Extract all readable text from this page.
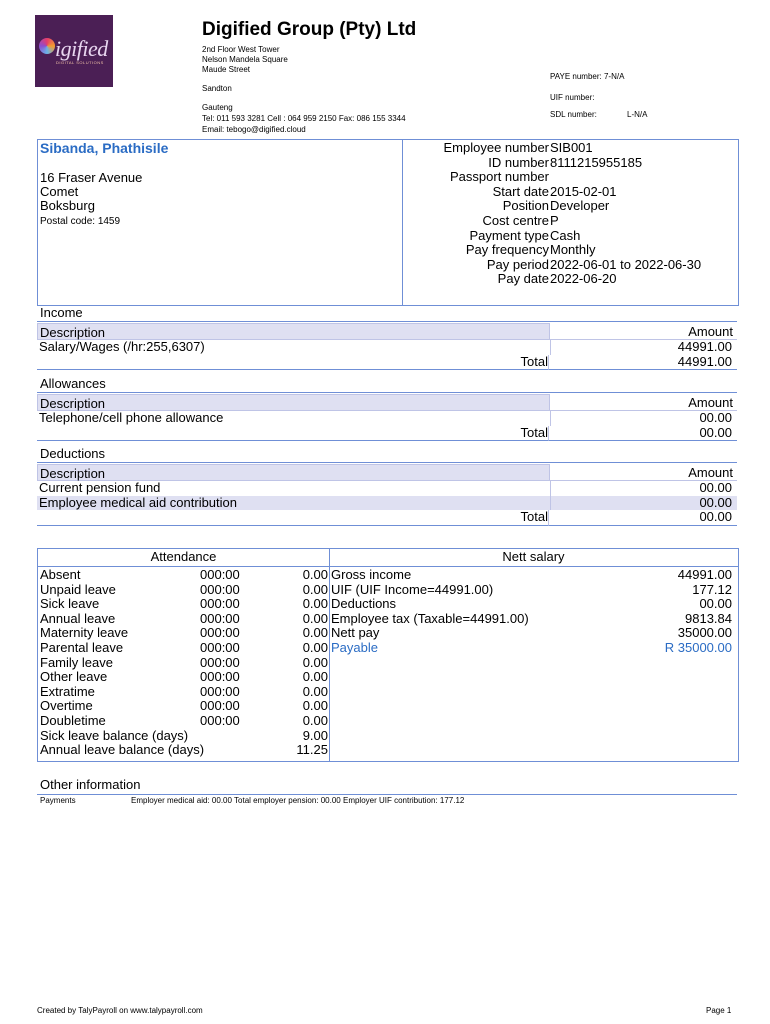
igified
DIGITAL SOLUTIONS
Digified Group (Pty) Ltd
2nd Floor West Tower
Nelson Mandela Square
Maude Street
Sandton
Gauteng
Tel: 011 593 3281 Cell : 064 959 2150 Fax: 086 155 3344
Email: tebogo@digified.cloud
PAYE number: 7-N/A
UIF number:
SDL number:	L-N/A
Sibanda, Phathisile
16 Fraser Avenue
Comet
Boksburg
Postal code: 1459
Employee number SIB001
ID number 8111215955185
Passport number
Start date 2015-02-01
Position Developer
Cost centre P
Payment type Cash
Pay frequency Monthly
Pay period 2022-06-01 to 2022-06-30
Pay date 2022-06-20
Income
Description	Amount
Salary/Wages (/hr:255,6307)	44991.00
Total	44991.00
Allowances
Description	Amount
Telephone/cell phone allowance	00.00
Total	00.00
Deductions
Description	Amount
Current pension fund	00.00
Employee medical aid contribution	00.00
Total	00.00
Attendance	Nett salary
Absent	000:00	0.00
Unpaid leave	000:00	0.00
Sick leave	000:00	0.00
Annual leave	000:00	0.00
Maternity leave	000:00	0.00
Parental leave	000:00	0.00
Family leave	000:00	0.00
Other leave	000:00	0.00
Extratime	000:00	0.00
Overtime	000:00	0.00
Doubletime	000:00	0.00
Sick leave balance (days)	9.00
Annual leave balance (days)	11.25
Gross income	44991.00
UIF (UIF Income=44991.00)	177.12
Deductions	00.00
Employee tax (Taxable=44991.00)	9813.84
Nett pay	35000.00
Payable	R 35000.00
Other information
Payments	Employer medical aid: 00.00 Total employer pension: 00.00 Employer UIF contribution: 177.12
Created by TalyPayroll on www.talypayroll.com	Page 1
